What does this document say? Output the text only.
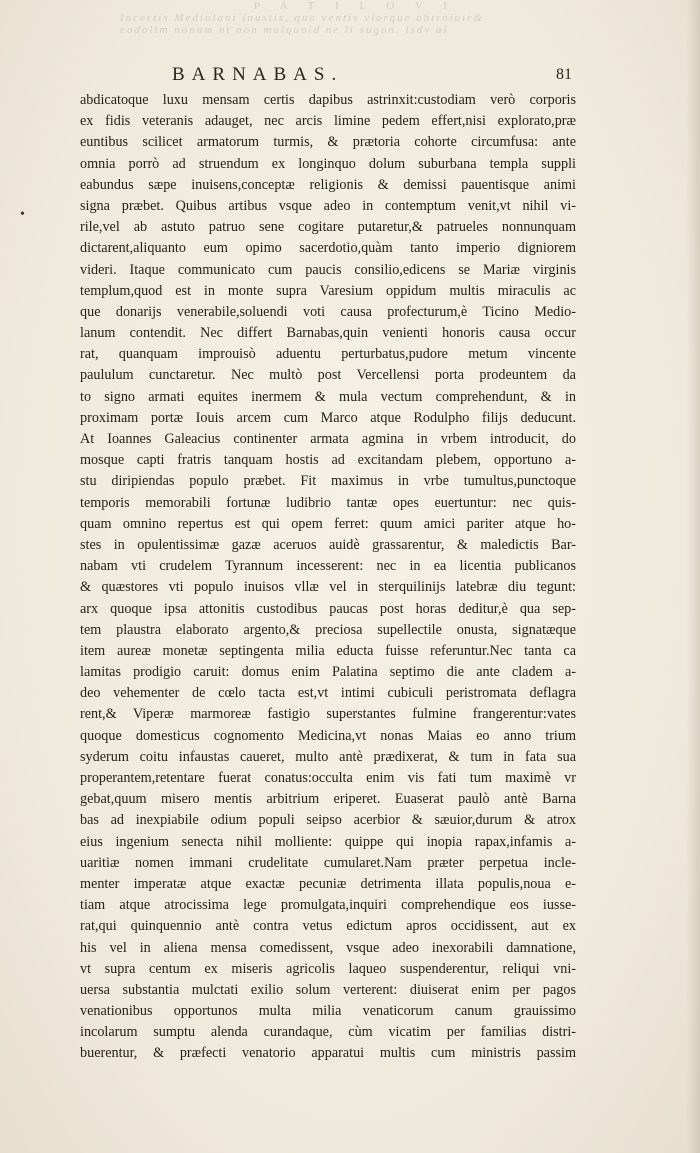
P A T I L O V I
Incertis Mediolani inustis, quo ventis vlorque obtroiuir&
eodolim nonum nt non mulquoid ne li sugon. lsdv ai
BARNABAS.	81
•
abdicatoque luxu mensam certis dapibus astrinxit:custodiam verò corporis
ex fidis veteranis adauget, nec arcis limine pedem effert,nisi explorato,præ
euntibus scilicet armatorum turmis, & prætoria cohorte circumfusa: ante
omnia porrò ad struendum ex longinquo dolum suburbana templa suppli
eabundus sæpe inuisens,conceptæ religionis & demissi pauentisque animi
signa præbet. Quibus artibus vsque adeo in contemptum venit,vt nihil vi-
rile,vel ab astuto patruo sene cogitare putaretur,& patrueles nonnunquam
dictarent,aliquanto eum opimo sacerdotio,quàm tanto imperio digniorem
videri. Itaque communicato cum paucis consilio,edicens se Mariæ virginis
templum,quod est in monte supra Varesium oppidum multis miraculis ac
que donarijs venerabile,soluendi voti causa profecturum,è Ticino Medio-
lanum contendit. Nec differt Barnabas,quin venienti honoris causa occur
rat, quanquam improuisò aduentu perturbatus,pudore metum vincente
paululum cunctaretur. Nec multò post Vercellensi porta prodeuntem da
to signo armati equites inermem & mula vectum comprehendunt, & in
proximam portæ Iouis arcem cum Marco atque Rodulpho filijs deducunt.
At Ioannes Galeacius continenter armata agmina in vrbem introducit, do
mosque capti fratris tanquam hostis ad excitandam plebem, opportuno a-
stu diripiendas populo præbet. Fit maximus in vrbe tumultus,punctoque
temporis memorabili fortunæ ludibrio tantæ opes euertuntur: nec quis-
quam omnino repertus est qui opem ferret: quum amici pariter atque ho-
stes in opulentissimæ gazæ aceruos auidè grassarentur, & maledictis Bar-
nabam vti crudelem Tyrannum incesserent: nec in ea licentia publicanos
& quæstores vti populo inuisos vllæ vel in sterquilinijs latebræ diu tegunt:
arx quoque ipsa attonitis custodibus paucas post horas deditur,è qua sep-
tem plaustra elaborato argento,& preciosa supellectile onusta, signatæque
item aureæ monetæ septingenta milia educta fuisse referuntur.Nec tanta ca
lamitas prodigio caruit: domus enim Palatina septimo die ante cladem a-
deo vehementer de cœlo tacta est,vt intimi cubiculi peristromata deflagra
rent,& Viperæ marmoreæ fastigio superstantes fulmine frangerentur:vates
quoque domesticus cognomento Medicina,vt nonas Maias eo anno trium
syderum coitu infaustas caueret, multo antè prædixerat, & tum in fata sua
properantem,retentare fuerat conatus:occulta enim vis fati tum maximè vr
gebat,quum misero mentis arbitrium eriperet. Euaserat paulò antè Barna
bas ad inexpiabile odium populi seipso acerbior & sæuior,durum & atrox
eius ingenium senecta nihil molliente: quippe qui inopia rapax,infamis a-
uaritiæ nomen immani crudelitate cumularet.Nam præter perpetua incle-
menter imperatæ atque exactæ pecuniæ detrimenta illata populis,noua e-
tiam atque atrocissima lege promulgata,inquiri comprehendique eos iusse-
rat,qui quinquennio antè contra vetus edictum apros occidissent, aut ex
his vel in aliena mensa comedissent, vsque adeo inexorabili damnatione,
vt supra centum ex miseris agricolis laqueo suspenderentur, reliqui vni-
uersa substantia mulctati exilio solum verterent: diuiserat enim per pagos
venationibus opportunos multa milia venaticorum canum grauissimo
incolarum sumptu alenda curandaque, cùm vicatim per familias distri-
buerentur, & præfecti venatorio apparatui multis cum ministris passim
